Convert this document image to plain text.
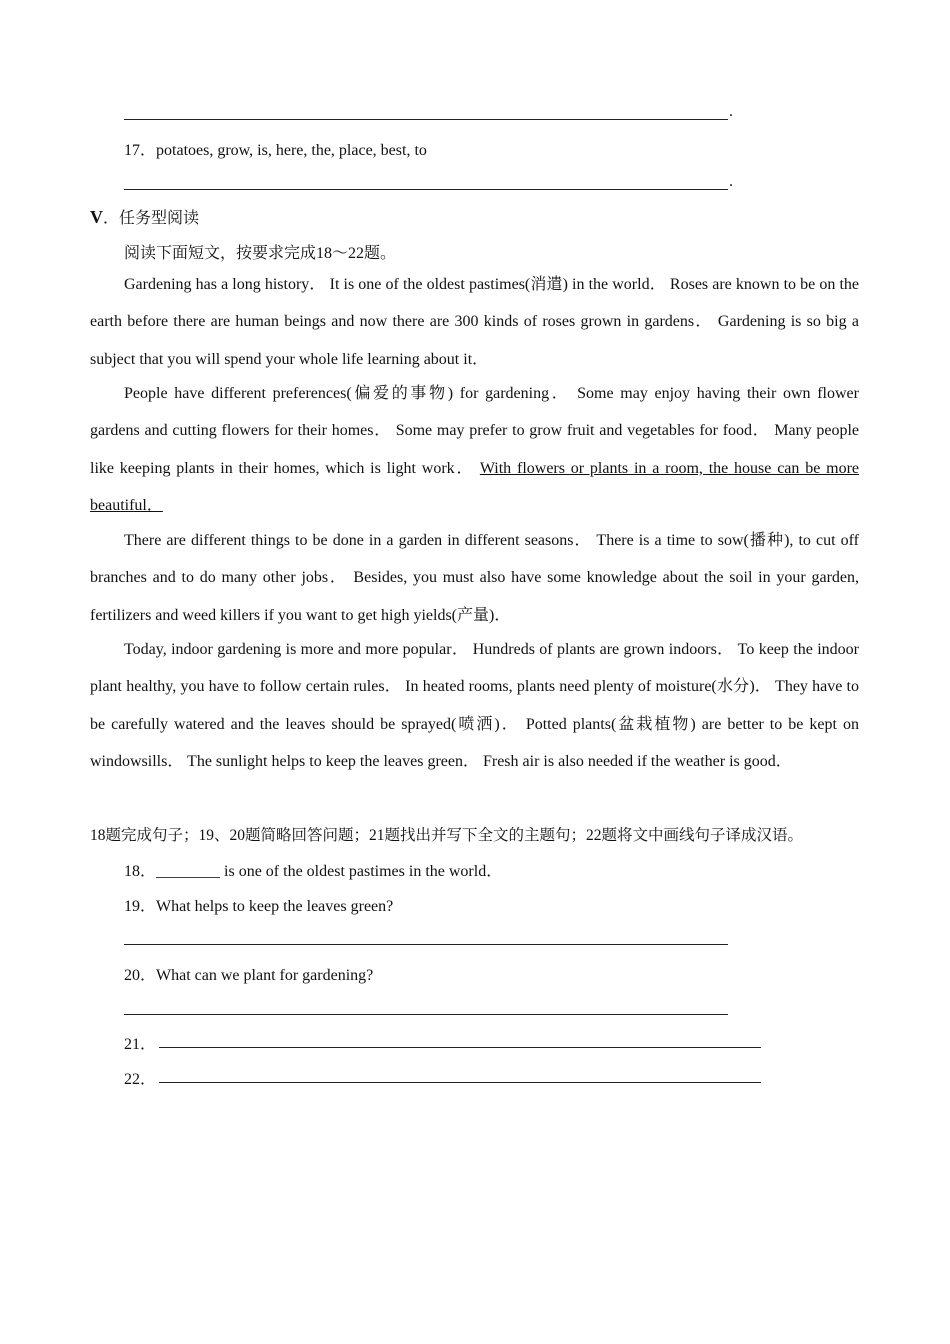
.
17．potatoes, grow, is, here, the, place, best, to
.
V．任务型阅读
阅读下面短文，按要求完成18～22题。
Gardening has a long history． It is one of the oldest pastimes(消遣) in the world． Roses are known to be on the earth before there are human beings and now there are 300 kinds of roses grown in gardens． Gardening is so big a subject that you will spend your whole life learning about it．
People have different preferences(偏爱的事物) for gardening． Some may enjoy having their own flower gardens and cutting flowers for their homes． Some may prefer to grow fruit and vegetables for food． Many people like keeping plants in their homes, which is light work． With flowers or plants in a room, the house can be more beautiful．
There are different things to be done in a garden in different seasons． There is a time to sow(播种), to cut off branches and to do many other jobs． Besides, you must also have some knowledge about the soil in your garden, fertilizers and weed killers if you want to get high yields(产量)．
Today, indoor gardening is more and more popular． Hundreds of plants are grown indoors． To keep the indoor plant healthy, you have to follow certain rules． In heated rooms, plants need plenty of moisture(水分)． They have to be carefully watered and the leaves should be sprayed(喷洒)． Potted plants(盆栽植物) are better to be kept on windowsills． The sunlight helps to keep the leaves green． Fresh air is also needed if the weather is good．
18题完成句子；19、20题简略回答问题；21题找出并写下全文的主题句；22题将文中画线句子译成汉语。
18．________ is one of the oldest pastimes in the world．
19．What helps to keep the leaves green?
20．What can we plant for gardening?
21．
22．
